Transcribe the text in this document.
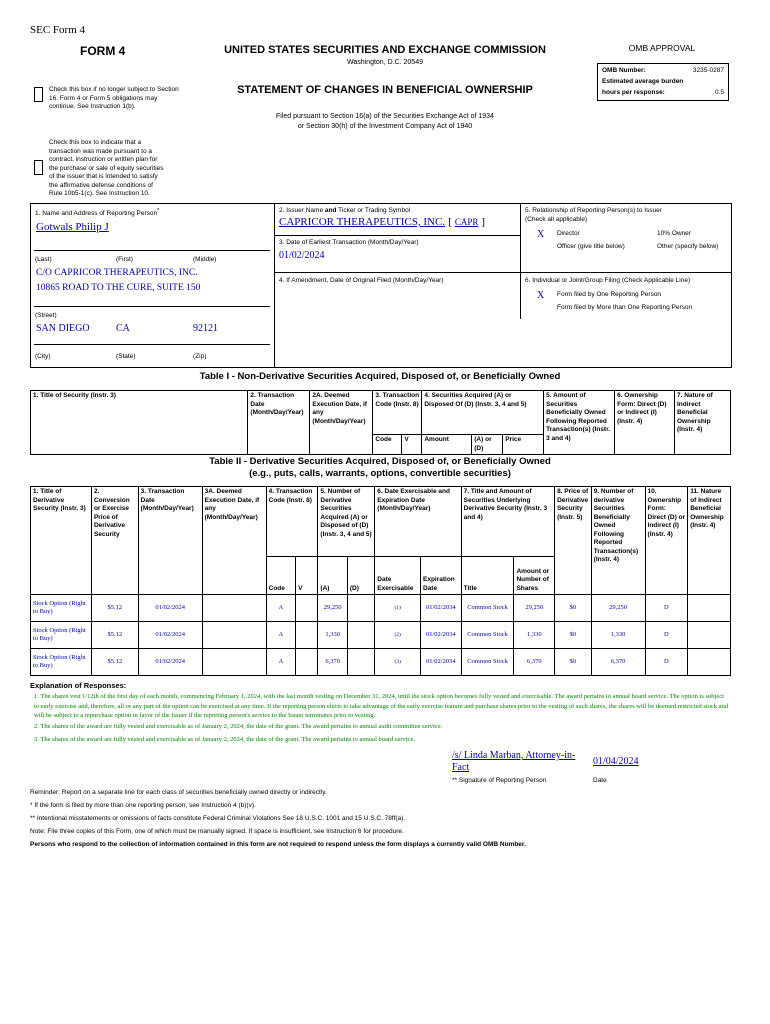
SEC Form 4
FORM 4	UNITED STATES SECURITIES AND EXCHANGE COMMISSION
Washington, D.C. 20549
OMB APPROVAL
OMB Number:	3235-0287
Estimated average burden
hours per response:	0.5
Check this box if no longer subject to Section 16. Form 4 or Form 5 obligations may continue. See Instruction 1(b).
STATEMENT OF CHANGES IN BENEFICIAL OWNERSHIP
Filed pursuant to Section 16(a) of the Securities Exchange Act of 1934
or Section 30(h) of the Investment Company Act of 1940
Check this box to indicate that a transaction was made pursuant to a contract, instruction or written plan for the purchase or sale of equity securities of the issuer that is intended to satisfy the affirmative defense conditions of Rule 10b5-1(c). See Instruction 10.
1. Name and Address of Reporting Person*
Gotwals Philip J
(Last)	(First)	(Middle)
C/O CAPRICOR THERAPEUTICS, INC.
10865 ROAD TO THE CURE, SUITE 150
(Street)
SAN DIEGO	CA	92121
(City)	(State)	(Zip)
2. Issuer Name and Ticker or Trading Symbol
CAPRICOR THERAPEUTICS, INC. [ CAPR ]
3. Date of Earliest Transaction (Month/Day/Year)
01/02/2024
4. If Amendment, Date of Original Filed (Month/Day/Year)
5. Relationship of Reporting Person(s) to Issuer
(Check all applicable)
X Director	10% Owner
Officer (give title below)	Other (specify below)
6. Individual or Joint/Group Filing (Check Applicable Line)
X Form filed by One Reporting Person
Form filed by More than One Reporting Person
Table I - Non-Derivative Securities Acquired, Disposed of, or Beneficially Owned
1. Title of Security (Instr. 3)	2. Transaction Date (Month/Day/Year)	2A. Deemed Execution Date, if any (Month/Day/Year)	3. Transaction Code (Instr. 8)		4. Securities Acquired (A) or Disposed Of (D) (Instr. 3, 4 and 5)			5. Amount of Securities Beneficially Owned Following Reported Transaction(s) (Instr. 3 and 4)	6. Ownership Form: Direct (D) or Indirect (I) (Instr. 4)	7. Nature of Indirect Beneficial Ownership (Instr. 4)
			Code	V	Amount	(A) or (D)	Price			
Table II - Derivative Securities Acquired, Disposed of, or Beneficially Owned
(e.g., puts, calls, warrants, options, convertible securities)
1. Title of Derivative Security (Instr. 3)	2. Conversion or Exercise Price of Derivative Security	3. Transaction Date (Month/Day/Year)	3A. Deemed Execution Date, if any (Month/Day/Year)	4. Transaction Code (Instr. 8)		5. Number of Derivative Securities Acquired (A) or Disposed of (D) (Instr. 3, 4 and 5)		6. Date Exercisable and Expiration Date (Month/Day/Year)		7. Title and Amount of Securities Underlying Derivative Security (Instr. 3 and 4)		8. Price of Derivative Security (Instr. 5)	9. Number of derivative Securities Beneficially Owned Following Reported Transaction(s) (Instr. 4)	10. Ownership Form: Direct (D) or Indirect (I) (Instr. 4)	11. Nature of Indirect Beneficial Ownership (Instr. 4)
				Code	V	(A)	(D)	Date Exercisable	Expiration Date	Title	Amount or Number of Shares				
Stock Option (Right to Buy)	$5.12	01/02/2024		A		29,250		(1)	01/02/2034	Common Stock	29,250	$0	29,250	D	
Stock Option (Right to Buy)	$5.12	01/02/2024		A		1,330		(2)	01/02/2034	Common Stock	1,330	$0	1,330	D	
Stock Option (Right to Buy)	$5.12	01/02/2024		A		6,370		(3)	01/02/2034	Common Stock	6,370	$0	6,370	D	
Explanation of Responses:
1. The shares vest 1/12th of the first day of each month, commencing February 1, 2024, with the last month vesting on December 31, 2024, until the stock option becomes fully vested and exercisable. The award pertains to annual board service. The option is subject to early exercise and, therefore, all or any part of the option can be exercised at any time. If the reporting person elects to take advantage of the early exercise feature and purchase shares prior to the vesting of such shares, the shares will be deemed restricted stock and will be subject to a repurchase option in favor of the Issuer if the reporting person's service to the Issuer terminates prior to vesting.
2. The shares of the award are fully vested and exercisable as of January 2, 2024, the date of the grant. The award pertains to annual audit committee service.
3. The shares of the award are fully vested and exercisable as of January 2, 2024, the date of the grant. The award pertains to annual board service.
/s/ Linda Marban, Attorney-in-Fact
01/04/2024
** Signature of Reporting Person	Date
Reminder: Report on a separate line for each class of securities beneficially owned directly or indirectly.
* If the form is filed by more than one reporting person, see Instruction 4 (b)(v).
** Intentional misstatements or omissions of facts constitute Federal Criminal Violations See 18 U.S.C. 1001 and 15 U.S.C. 78ff(a).
Note: File three copies of this Form, one of which must be manually signed. If space is insufficient, see Instruction 6 for procedure.
Persons who respond to the collection of information contained in this form are not required to respond unless the form displays a currently valid OMB Number.
